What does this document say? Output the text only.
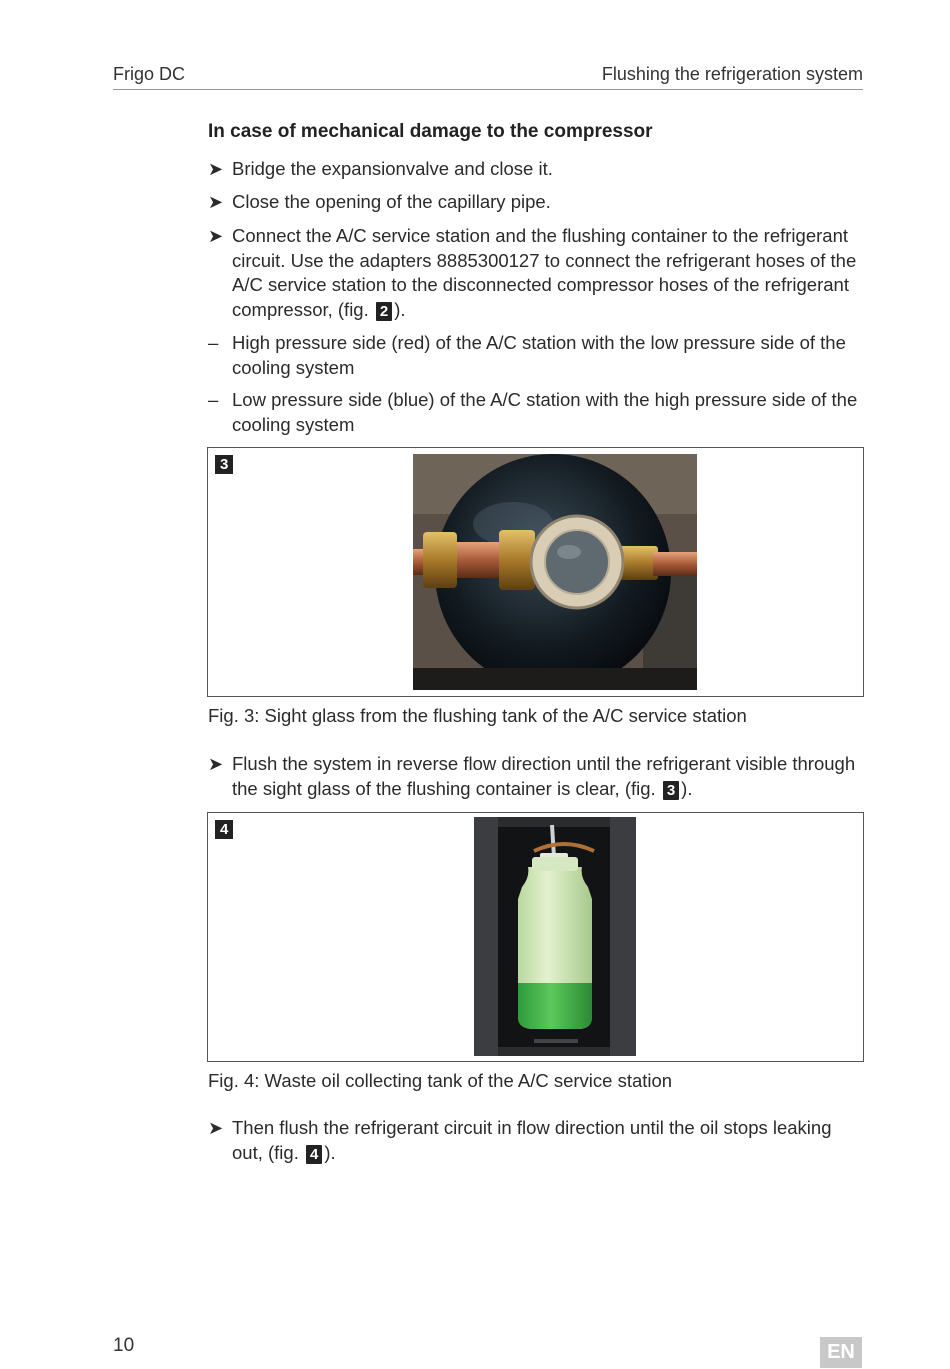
Frigo DC	Flushing the refrigeration system
In case of mechanical damage to the compressor
➤ Bridge the expansionvalve and close it.
➤ Close the opening of the capillary pipe.
➤ Connect the A/C service station and the flushing container to the refrigerant circuit. Use the adapters 8885300127 to connect the refrigerant hoses of the A/C service station to the disconnected compressor hoses of the refrigerant compressor, (fig. 2 ).
– High pressure side (red) of the A/C station with the low pressure side of the cooling system
– Low pressure side (blue) of the A/C station with the high pressure side of the cooling system
3
Fig. 3: Sight glass from the flushing tank of the A/C service station
➤ Flush the system in reverse flow direction until the refrigerant visible through the sight glass of the flushing container is clear, (fig. 3 ).
4
Fig. 4: Waste oil collecting tank of the A/C service station
➤ Then flush the refrigerant circuit in flow direction until the oil stops leaking out, (fig. 4 ).
10	EN
